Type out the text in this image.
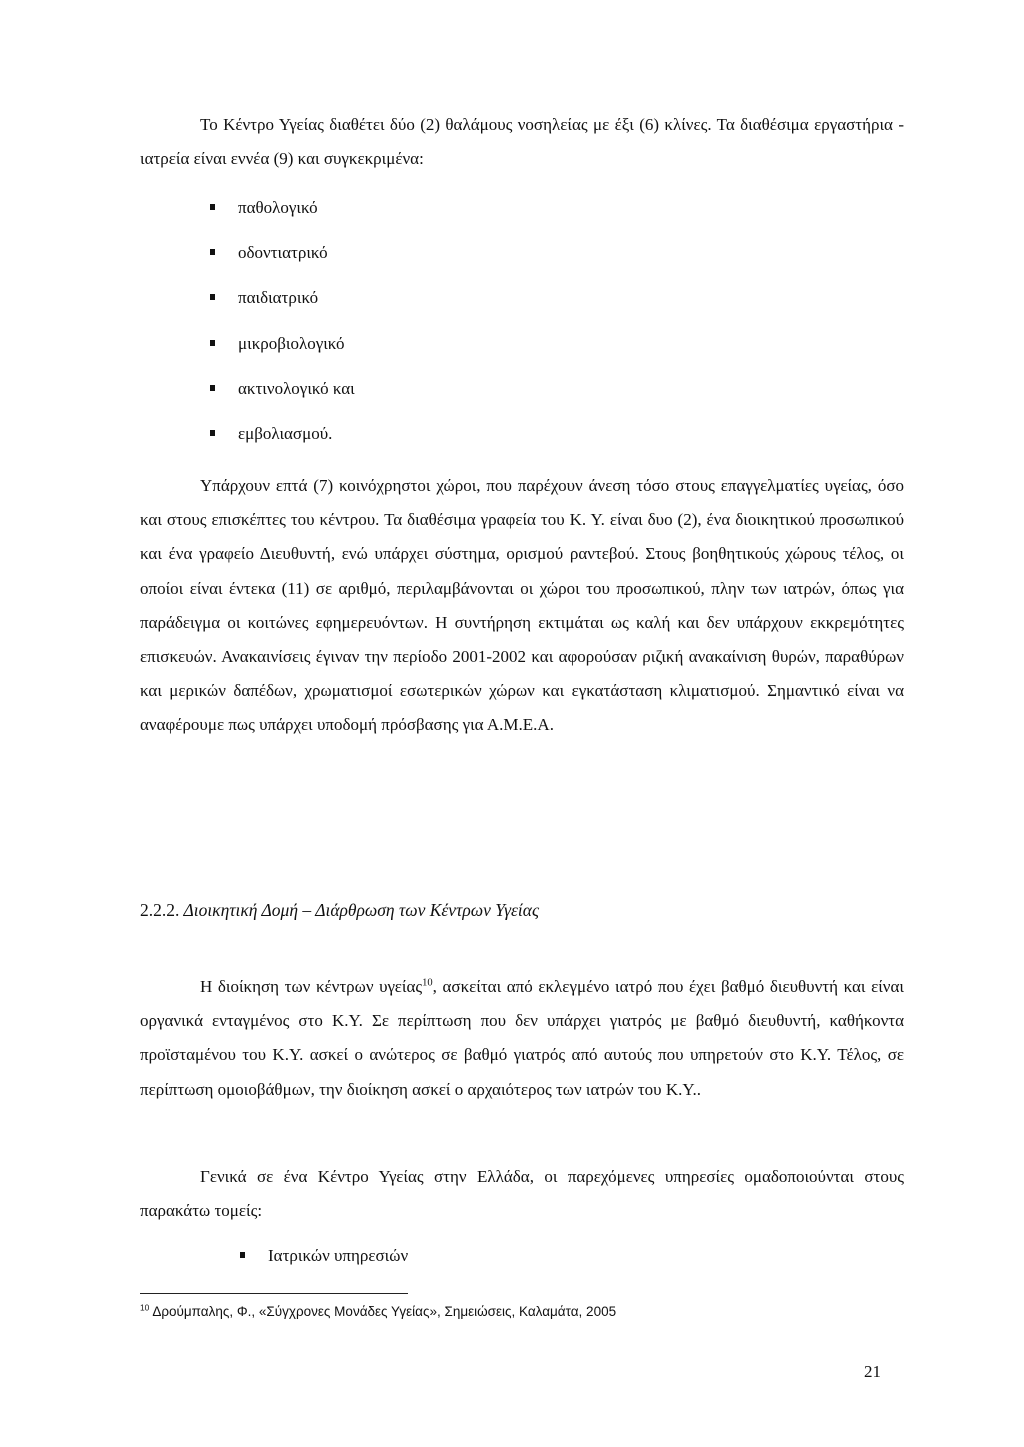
Το Κέντρο Υγείας διαθέτει δύο (2) θαλάμους νοσηλείας με έξι (6) κλίνες. Τα διαθέσιμα εργαστήρια - ιατρεία είναι εννέα (9) και συγκεκριμένα:

παθολογικό
οδοντιατρικό
παιδιατρικό
μικροβιολογικό
ακτινολογικό και
εμβολιασμού.

Υπάρχουν επτά (7) κοινόχρηστοι χώροι, που παρέχουν άνεση τόσο στους επαγγελματίες υγείας, όσο και στους επισκέπτες του κέντρου. Τα διαθέσιμα γραφεία του Κ. Υ. είναι δυο (2), ένα διοικητικού προσωπικού και ένα γραφείο Διευθυντή, ενώ υπάρχει σύστημα, ορισμού ραντεβού. Στους βοηθητικούς χώρους τέλος, οι οποίοι είναι έντεκα (11) σε αριθμό, περιλαμβάνονται οι χώροι του προσωπικού, πλην των ιατρών, όπως για παράδειγμα οι κοιτώνες εφημερευόντων. Η συντήρηση εκτιμάται ως καλή και δεν υπάρχουν εκκρεμότητες επισκευών. Ανακαινίσεις έγιναν την περίοδο 2001-2002 και αφορούσαν ριζική ανακαίνιση θυρών, παραθύρων και μερικών δαπέδων, χρωματισμοί εσωτερικών χώρων και εγκατάσταση κλιματισμού. Σημαντικό είναι να αναφέρουμε πως υπάρχει υποδομή πρόσβασης για Α.Μ.Ε.Α.

2.2.2. Διοικητική Δομή – Διάρθρωση των Κέντρων Υγείας

Η διοίκηση των κέντρων υγείας$^{10}$, ασκείται από εκλεγμένο ιατρό που έχει βαθμό διευθυντή και είναι οργανικά ενταγμένος στο Κ.Υ. Σε περίπτωση που δεν υπάρχει γιατρός με βαθμό διευθυντή, καθήκοντα προϊσταμένου του Κ.Υ. ασκεί ο ανώτερος σε βαθμό γιατρός από αυτούς που υπηρετούν στο Κ.Υ. Τέλος, σε περίπτωση ομοιοβάθμων, την διοίκηση ασκεί ο αρχαιότερος των ιατρών του Κ.Υ..

Γενικά σε ένα Κέντρο Υγείας στην Ελλάδα, οι παρεχόμενες υπηρεσίες ομαδοποιούνται στους παρακάτω τομείς:

Ιατρικών υπηρεσιών

$^{10}$ Δρούμπαλης, Φ., «Σύγχρονες Μονάδες Υγείας», Σημειώσεις, Καλαμάτα, 2005

21
